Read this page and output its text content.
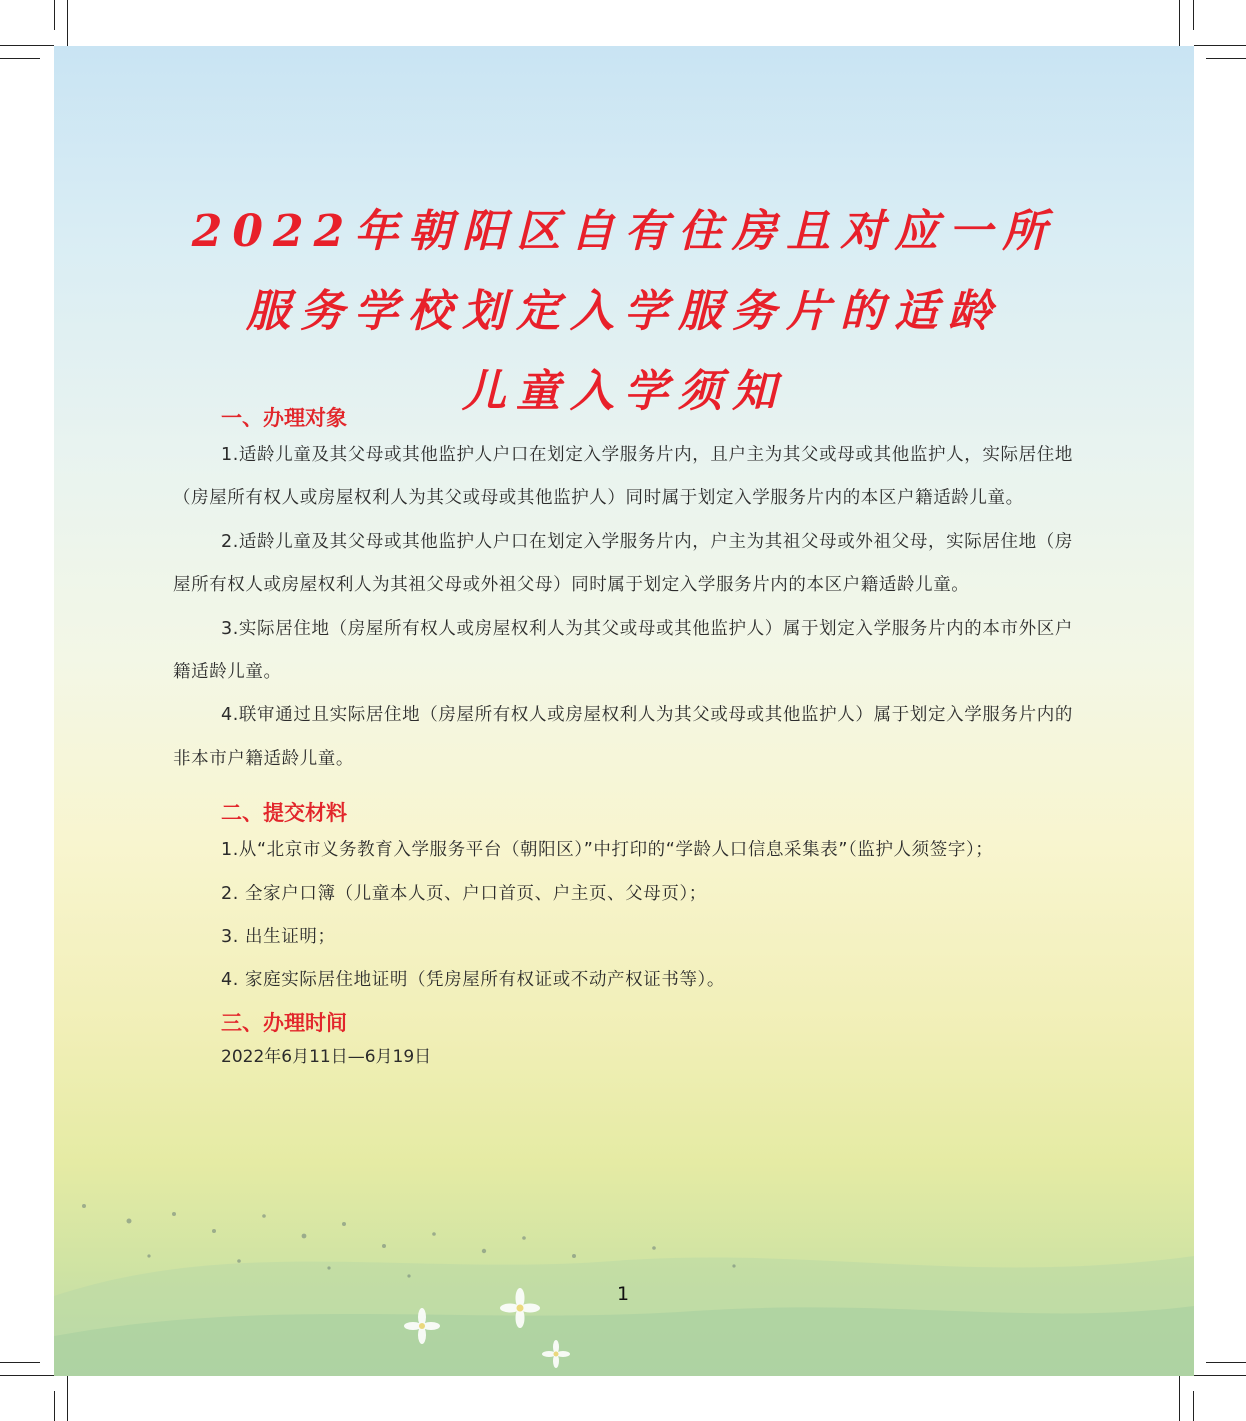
2022年朝阳区自有住房且对应一所
服务学校划定入学服务片的适龄
儿童入学须知
一、办理对象

1.适龄儿童及其父母或其他监护人户口在划定入学服务片内，且户主为其父或母或其他监护人，实际居住地（房屋所有权人或房屋权利人为其父或母或其他监护人）同时属于划定入学服务片内的本区户籍适龄儿童。

2.适龄儿童及其父母或其他监护人户口在划定入学服务片内，户主为其祖父母或外祖父母，实际居住地（房屋所有权人或房屋权利人为其祖父母或外祖父母）同时属于划定入学服务片内的本区户籍适龄儿童。

3.实际居住地（房屋所有权人或房屋权利人为其父或母或其他监护人）属于划定入学服务片内的本市外区户籍适龄儿童。

4.联审通过且实际居住地（房屋所有权人或房屋权利人为其父或母或其他监护人）属于划定入学服务片内的非本市户籍适龄儿童。

二、提交材料

1.从“北京市义务教育入学服务平台（朝阳区）”中打印的“学龄人口信息采集表”（监护人须签字）；

2. 全家户口簿（儿童本人页、户口首页、户主页、父母页）；

3. 出生证明；

4. 家庭实际居住地证明（凭房屋所有权证或不动产权证书等）。

三、办理时间

2022年6月11日—6月19日

1
